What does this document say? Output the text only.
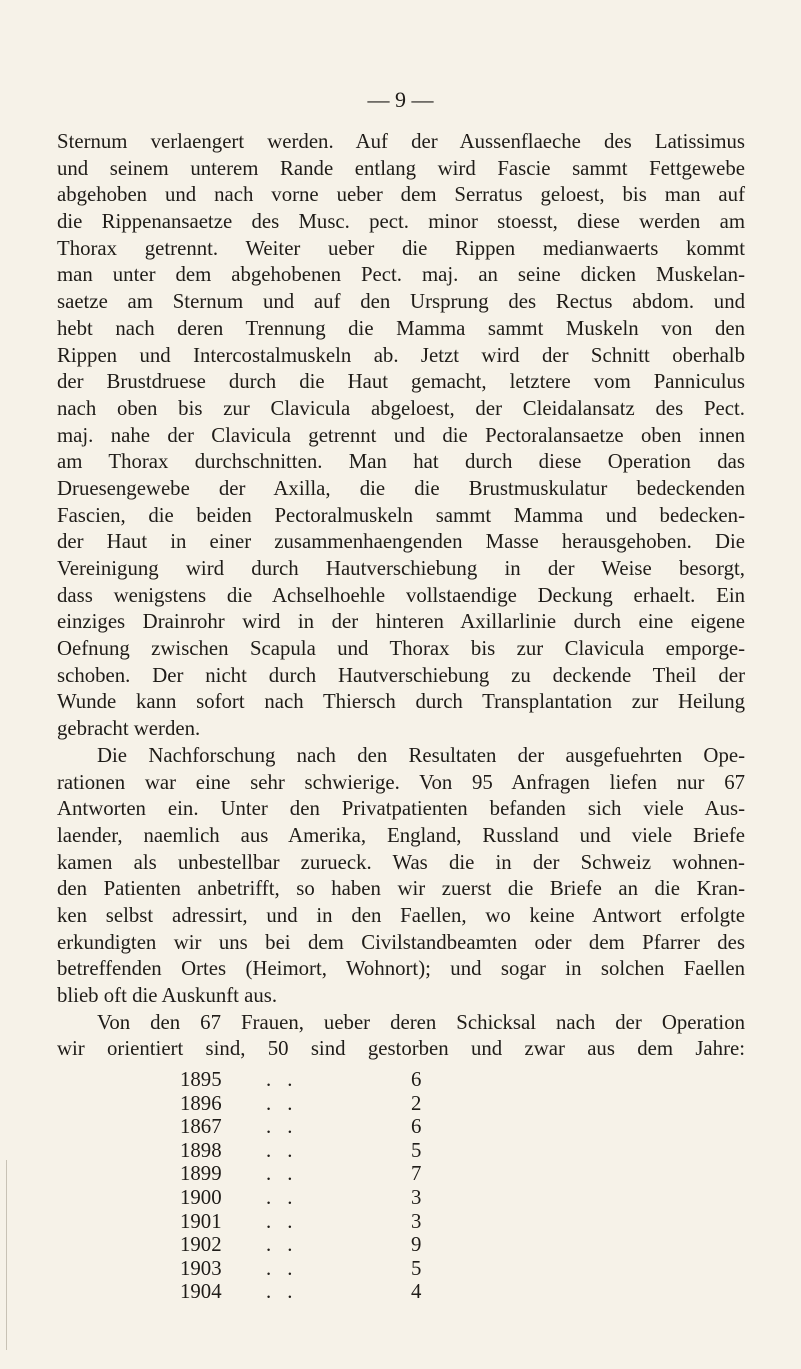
— 9 —
Sternum verlaengert werden. Auf der Aussenflaeche des Latissimus
und seinem unterem Rande entlang wird Fascie sammt Fettgewebe
abgehoben und nach vorne ueber dem Serratus geloest, bis man auf
die Rippenansaetze des Musc. pect. minor stoesst, diese werden am
Thorax getrennt. Weiter ueber die Rippen medianwaerts kommt
man unter dem abgehobenen Pect. maj. an seine dicken Muskelan-
saetze am Sternum und auf den Ursprung des Rectus abdom. und
hebt nach deren Trennung die Mamma sammt Muskeln von den
Rippen und Intercostalmuskeln ab. Jetzt wird der Schnitt oberhalb
der Brustdruese durch die Haut gemacht, letztere vom Panniculus
nach oben bis zur Clavicula abgeloest, der Cleidalansatz des Pect.
maj. nahe der Clavicula getrennt und die Pectoralansaetze oben innen
am Thorax durchschnitten. Man hat durch diese Operation das
Druesengewebe der Axilla, die die Brustmuskulatur bedeckenden
Fascien, die beiden Pectoralmuskeln sammt Mamma und bedecken-
der Haut in einer zusammenhaengenden Masse herausgehoben. Die
Vereinigung wird durch Hautverschiebung in der Weise besorgt,
dass wenigstens die Achselhoehle vollstaendige Deckung erhaelt. Ein
einziges Drainrohr wird in der hinteren Axillarlinie durch eine eigene
Oefnung zwischen Scapula und Thorax bis zur Clavicula emporge-
schoben. Der nicht durch Hautverschiebung zu deckende Theil der
Wunde kann sofort nach Thiersch durch Transplantation zur Heilung
gebracht werden.
Die Nachforschung nach den Resultaten der ausgefuehrten Ope-
rationen war eine sehr schwierige. Von 95 Anfragen liefen nur 67
Antworten ein. Unter den Privatpatienten befanden sich viele Aus-
laender, naemlich aus Amerika, England, Russland und viele Briefe
kamen als unbestellbar zurueck. Was die in der Schweiz wohnen-
den Patienten anbetrifft, so haben wir zuerst die Briefe an die Kran-
ken selbst adressirt, und in den Faellen, wo keine Antwort erfolgte
erkundigten wir uns bei dem Civilstandbeamten oder dem Pfarrer des
betreffenden Ortes (Heimort, Wohnort); und sogar in solchen Faellen
blieb oft die Auskunft aus.
Von den 67 Frauen, ueber deren Schicksal nach der Operation
wir orientiert sind, 50 sind gestorben und zwar aus dem Jahre:
1895 ..	6
1896 ..	2
1867 ..	6
1898 ..	5
1899 ..	7
1900 ..	3
1901 ..	3
1902 ..	9
1903 ..	5
1904 ..	4
